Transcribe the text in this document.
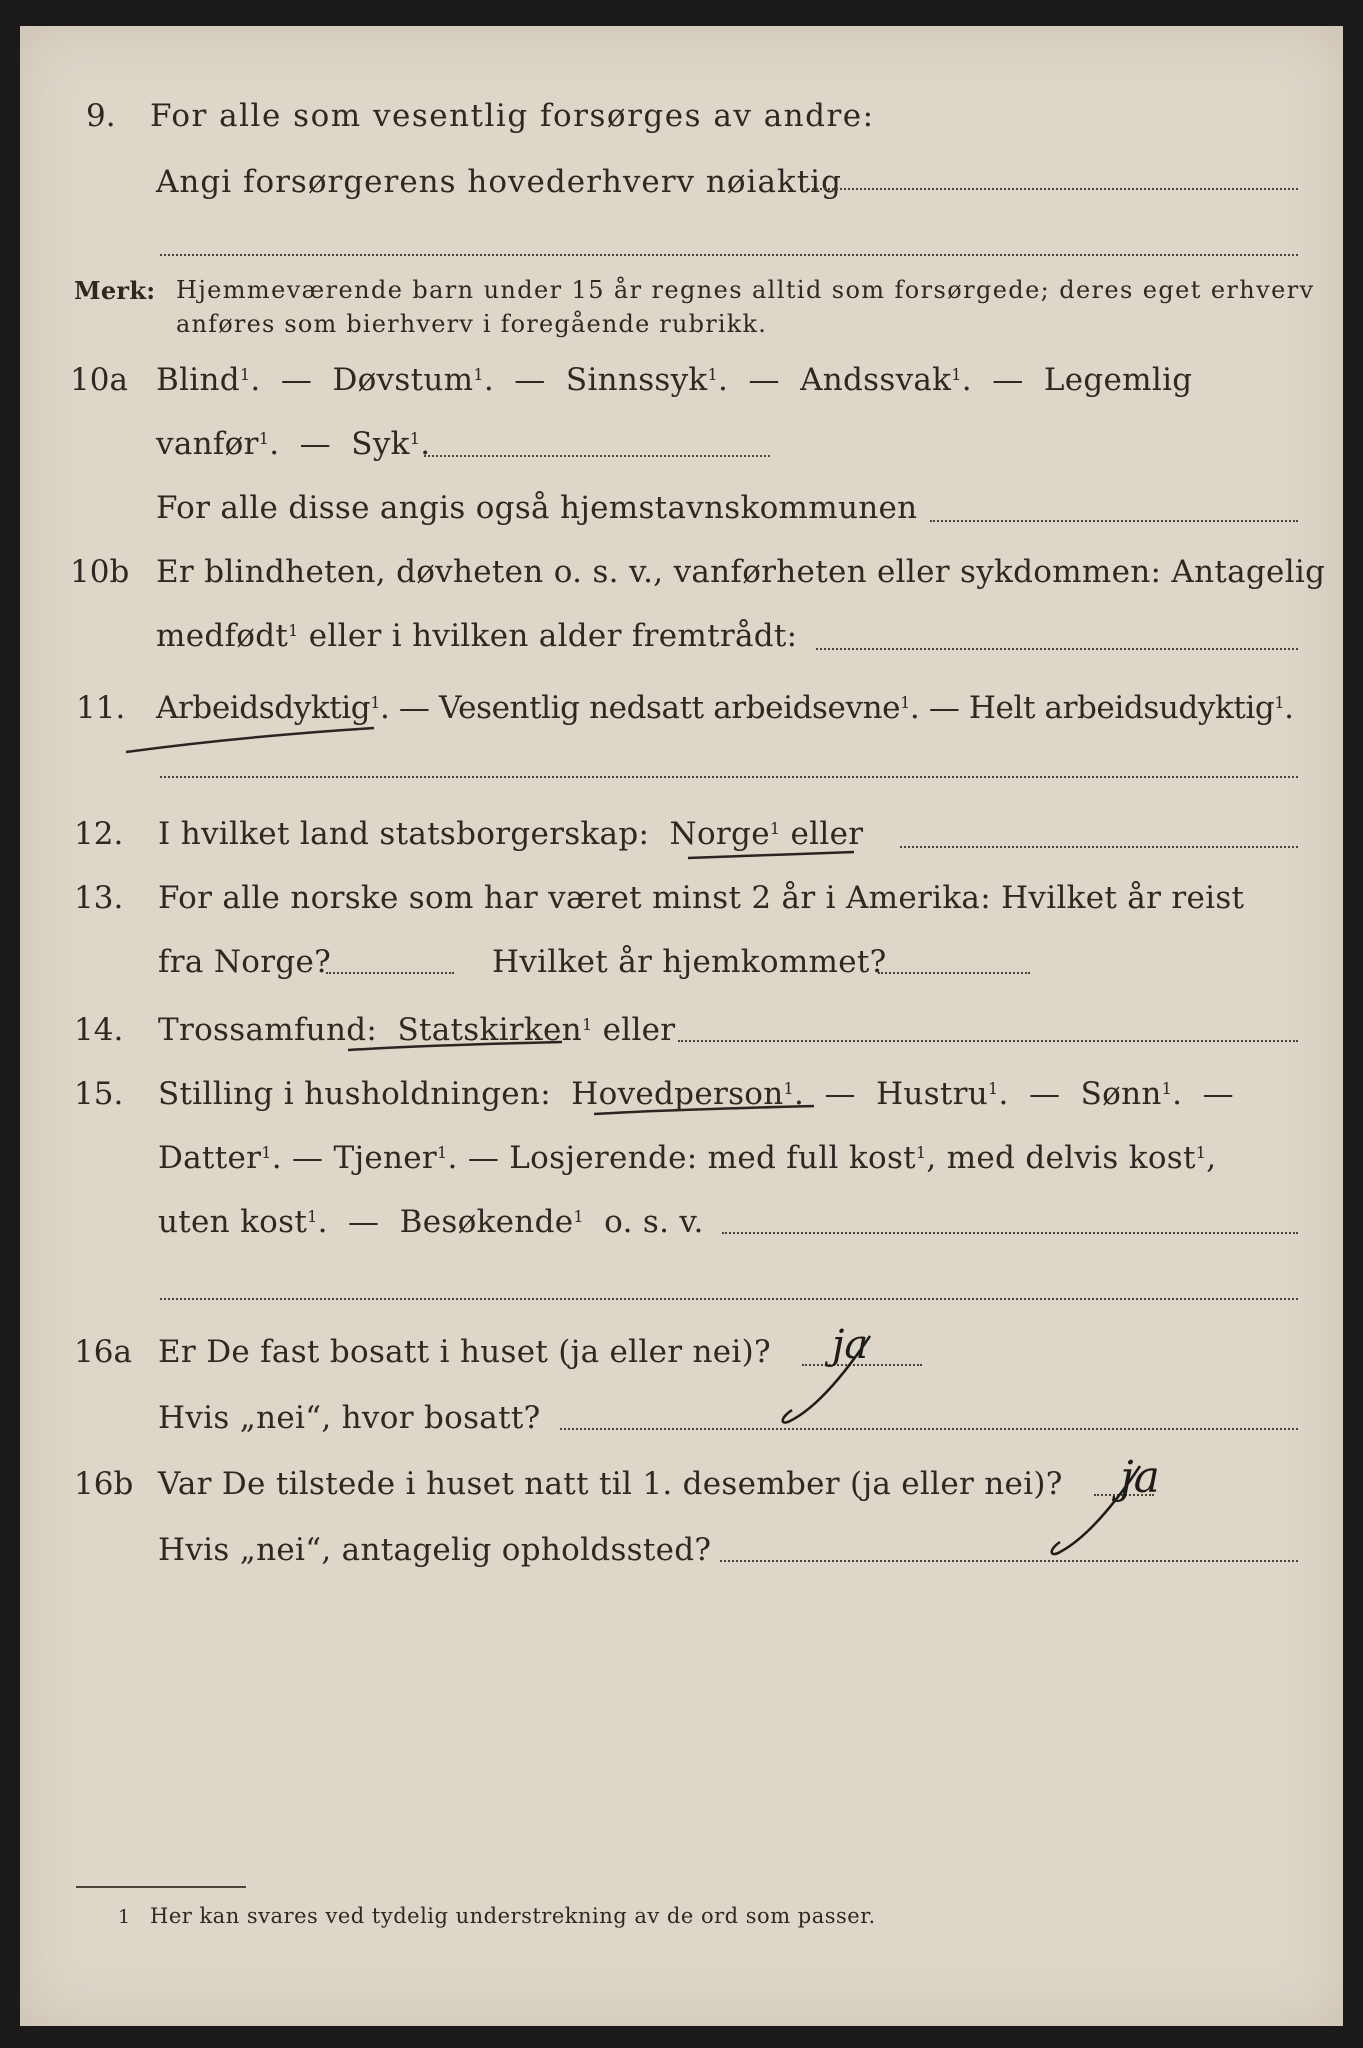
9. For alle som vesentlig forsørges av andre:
Angi forsørgerens hovederhverv nøiaktig
Merk: Hjemmeværende barn under 15 år regnes alltid som forsørgede; deres eget erhverv
anføres som bierhverv i foregående rubrikk.
10a Blind$^1$.  —  Døvstum$^1$.  —  Sinnssyk$^1$.  —  Andssvak$^1$.  —  Legemlig
vanfør$^1$.  —  Syk$^1$.
For alle disse angis også hjemstavnskommunen
10b Er blindheten, døvheten o. s. v., vanførheten eller sykdommen: Antagelig
medfødt$^1$ eller i hvilken alder fremtrådt:
11. Arbeidsdyktig$^1$. — Vesentlig nedsatt arbeidsevne$^1$. — Helt arbeidsudyktig$^1$.
12. I hvilket land statsborgerskap: Norge$^1$ eller
13. For alle norske som har været minst 2 år i Amerika: Hvilket år reist
fra Norge?	Hvilket år hjemkommet?
14. Trossamfund: Statskirken$^1$ eller
15. Stilling i husholdningen: Hovedperson$^1$.  —  Hustru$^1$.  —  Sønn$^1$.  —
Datter$^1$. — Tjener$^1$. — Losjerende: med full kost$^1$, med delvis kost$^1$,
uten kost$^1$.  —  Besøkende$^1$ o. s. v.
16a Er De fast bosatt i huset (ja eller nei)? ja
Hvis „nei“, hvor bosatt?
16b Var De tilstede i huset natt til 1. desember (ja eller nei)? ja
Hvis „nei“, antagelig opholdssted?
1 Her kan svares ved tydelig understrekning av de ord som passer.
